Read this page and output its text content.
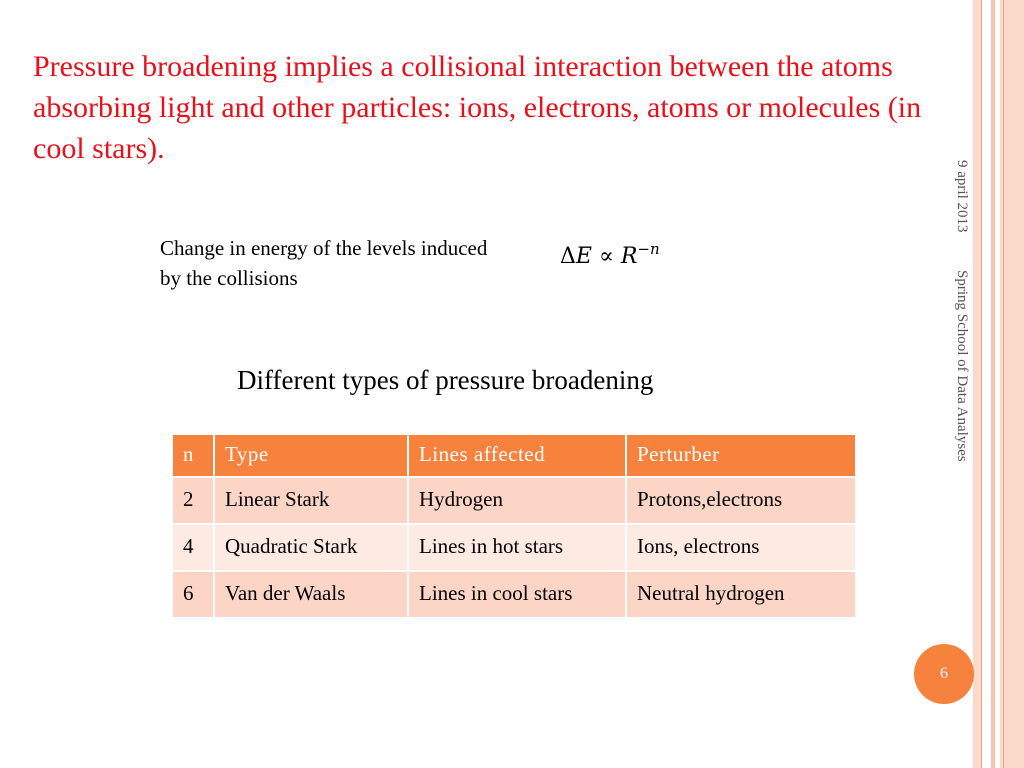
Pressure broadening implies a collisional interaction between the atoms absorbing light and other particles: ions, electrons, atoms or molecules (in cool stars).
Change in energy of the levels induced by the collisions
$\Delta E \propto R^{-n}$
Different types of pressure broadening
n	Type	Lines affected	Perturber
2	Linear Stark	Hydrogen	Protons,electrons
4	Quadratic Stark	Lines in hot stars	Ions, electrons
6	Van der Waals	Lines in cool stars	Neutral hydrogen
9 april 2013
Spring School of Data Analyses
6
